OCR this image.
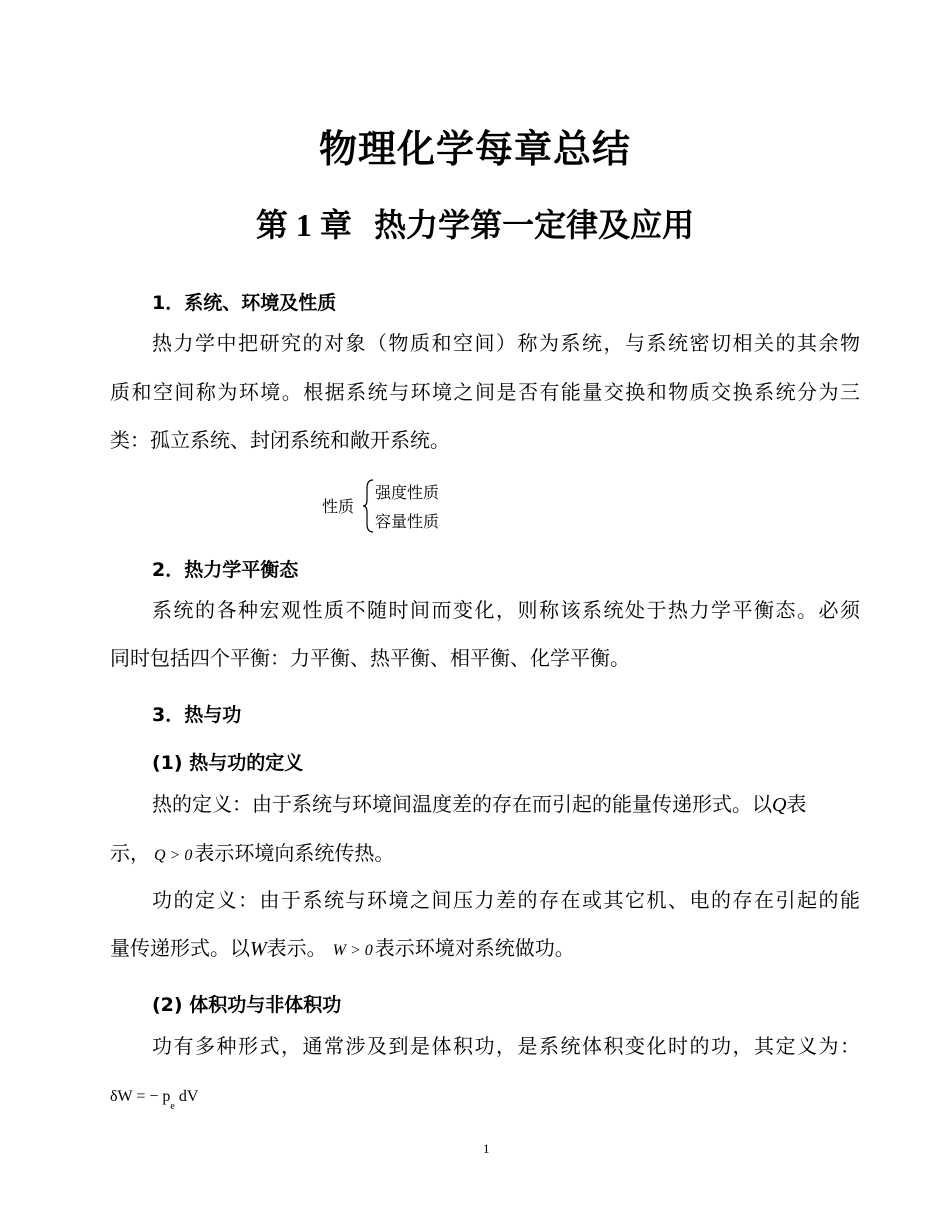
物理化学每章总结
第 1 章 热力学第一定律及应用
1．系统、环境及性质
热力学中把研究的对象（物质和空间）称为系统，与系统密切相关的其余物
质和空间称为环境。根据系统与环境之间是否有能量交换和物质交换系统分为三
类：孤立系统、封闭系统和敞开系统。
性质
强度性质
容量性质
2．热力学平衡态
系统的各种宏观性质不随时间而变化，则称该系统处于热力学平衡态。必须
同时包括四个平衡：力平衡、热平衡、相平衡、化学平衡。
3．热与功
(1) 热与功的定义
热的定义：由于系统与环境间温度差的存在而引起的能量传递形式。以Q表
示， Q > 0 表示环境向系统传热。
功的定义：由于系统与环境之间压力差的存在或其它机、电的存在引起的能
量传递形式。以W表示。 W > 0 表示环境对系统做功。
(2) 体积功与非体积功
功有多种形式，通常涉及到是体积功，是系统体积变化时的功，其定义为：
δW = − $p_e$ dV
1
